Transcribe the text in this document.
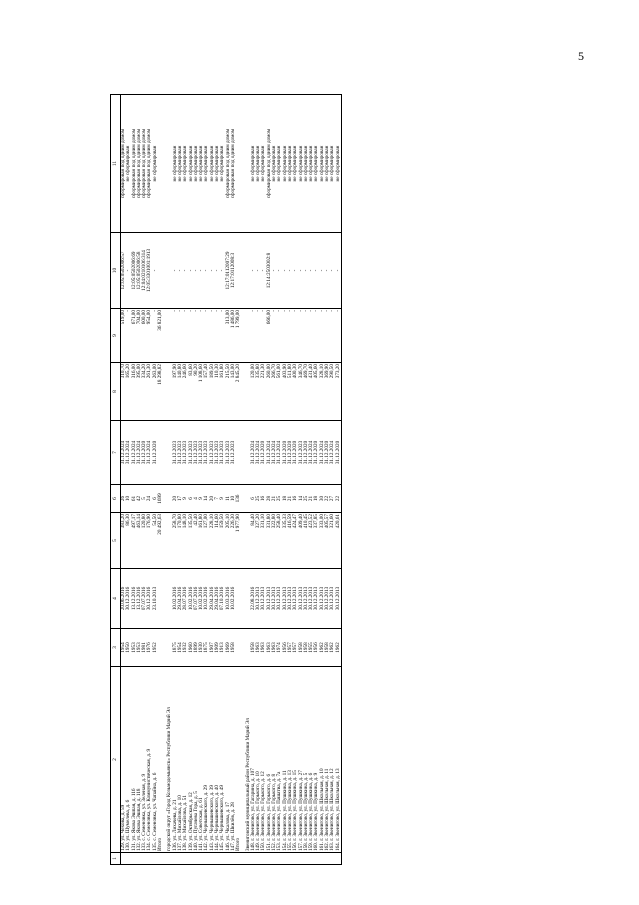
5
1	2	3	4	5	6	7	8	9	10	11
	129. ул. Чехова, д. 59	1954	20.06.2016	383,20	26	31.12.2024	310,70	519,00	12:05:0502006:57	сформирован под одним домом
	130. ул. Шумелева, д. 6	1950	30.12.2016	86,30	10	31.12.2024	165,20	-	-	не сформирован
	131. ул. Якова Эшпая, д. 116	1953	13.12.2016	497,17	61	31.12.2024	316,00	671,00	12:05:0502006:69	сформирован под одним домом
	132. ул. Якова Эшпая, д. 118	1953	13.12.2016	463,14	42	31.12.2024	395,00	704,00	12:05:0502006:58	сформирован под одним домом
	133. с. Семеновка, ул. Зеленая, д. 9	1981	07.07.2016	120,80	5	31.12.2020	334,20	600,00	12:04:0210106:314	сформирован под одним домом
	134. с. Семеновка, ул. Коммунистическая, д. 9	1976	30.12.2016	176,90	24	31.12.2024	261,30	954,00	12:05:3301001:1913	сформирован под одним домом
	135. с. Семеновка, ул. Чапайна, д. 6	1952	23.10.2013	54,50	6	31.12.2020	263,00	-	-	не сформирован
	Итого			20 492,63	1699		18 298,82	36 821,00		

	городской округ «Город Козьмодемьянск» Республики Марий Эл									
	136. ул. Лихачева, д. 21	1875	10.02.2016	258,70	20	31.12.2023	197,90	-	-	не сформирован
	137. ул. Михайлова, д. 10	1954	29.04.2016	170,80	17	31.12.2023	140,80	-	-	не сформирован
	138. ул. Михайлова, д. 51	1932	28.07.2016	148,10	9	31.12.2023	246,60	-	-	не сформирован
	139. ул. Октябрьская, д. 12	1960	10.02.2016	135,50	6	31.12.2023	83,60	-	-	не сформирован
	140. ул. Пугачева Гора, д. 5	1899	07.07.2016	42,40	4	31.12.2023	90,20	-	-	не сформирован
	141. ул. Советская, д. 61	1930	10.02.2016	161,80	9	31.12.2023	1 108,60	-	-	не сформирован
	142. ул. Чернышевского, д. 29	1875	10.02.2016	127,00	14	31.12.2023	157,40	-	-	не сформирован
	143. ул. Чернышевского, д. 39	1907	29.04.2016	228,10	20	31.12.2023	189,50	-	-	не сформирован
	144. ул. Чернышевского, д. 40	1909	29.04.2016	114,60	7	31.12.2023	110,30	-	-	не сформирован
	145. ул. Чернышевского, д. 49	1913	07.10.2016	159,50	9	31.12.2023	161,80	-	-	не сформирован
	146. ул. Чкалова, д. 17	1969	10.03.2016	205,10	11	31.12.2023	215,50	313,00	12:17:0112007:29	сформирован под одним домом
	147. ул. Шкилёв, д. 28	1958	10.02.2016	226,30	10	31.12.2023	143,00	1 486,00	12:17:0112008:3	сформирован под одним домом
	Итого			1 977,90	136		2 845,20	1 799,00		

	Звениговский муниципальный район Республики Марий Эл									
	148. г. Звенигово, ул. Гагарина, д. 107	1958	22.08.2016	84,40	6	31.12.2024	120,00	-	-	не сформирован
	149. г. Звенигово, ул. Горького, д. 10	1963	30.12.2013	327,20	25	31.12.2024	335,80	-	-	не сформирован
	150. г. Звенигово, ул. Горького, д. 12	1963	30.12.2013	331,10	16	31.12.2020	221,30	-	-	не сформирован
	151. г. Звенигово, ул. Горького, д. 6	1963	30.12.2013	331,80	28	31.12.2024	260,00	666,00	12:14:2503002:8	сформирован под одним домом
	152. г. Звенигово, ул. Горького, д. 8	1963	30.12.2013	322,80	21	31.12.2024	266,70	-	-	не сформирован
	153. г. Звенигово, ул. Пашатиа, д. 7а	1974	30.12.2013	258,40	25	31.12.2024	561,00	-	-	не сформирован
	154. г. Звенигово, ул. Пушкина, д. 11	1956	30.12.2013	335,33	18	31.12.2020	403,90	-	-	не сформирован
	155. г. Звенигово, ул. Пушкина, д. 13	1957	30.12.2013	416,59	21	31.12.2020	511,80	-	-	не сформирован
	156. г. Звенигово, ул. Пушкина, д. 15	1957	30.12.2013	424,47	16	31.12.2020	400,30	-	-	не сформирован
	157. г. Звенигово, ул. Пушкина, д. 27	1958	30.12.2013	409,40	14	31.12.2023	346,70	-	-	не сформирован
	158. г. Звенигово, ул. Пушкина, д. 5	1958	30.12.2013	410,45	25	31.12.2020	469,70	-	-	не сформирован
	159. г. Звенигово, ул. Пушкина, д. 6	1955	30.12.2013	423,52	21	31.12.2024	431,40	-	-	не сформирован
	160. г. Звенигово, ул. Пушкина, д. 9	1956	30.12.2013	337,85	18	31.12.2020	405,60	-	-	не сформирован
	161. г. Звенигово, ул. Школьная, д. 10	1962	30.12.2013	333,00	30	31.12.2024	328,10	-	-	не сформирован
	162. г. Звенигово, ул. Школьная, д. 11	1958	30.12.2013	405,57	22	31.12.2020	369,90	-	-	не сформирован
	163. г. Звенигово, ул. Школьная, д. 12	1962	30.12.2013	321,60	27	31.12.2024	290,50	-	-	не сформирован
	164. г. Звенигово, ул. Школьная, д. 13	1962	30.12.2013	420,61	22	31.12.2020	373,20	-	-	не сформирован
